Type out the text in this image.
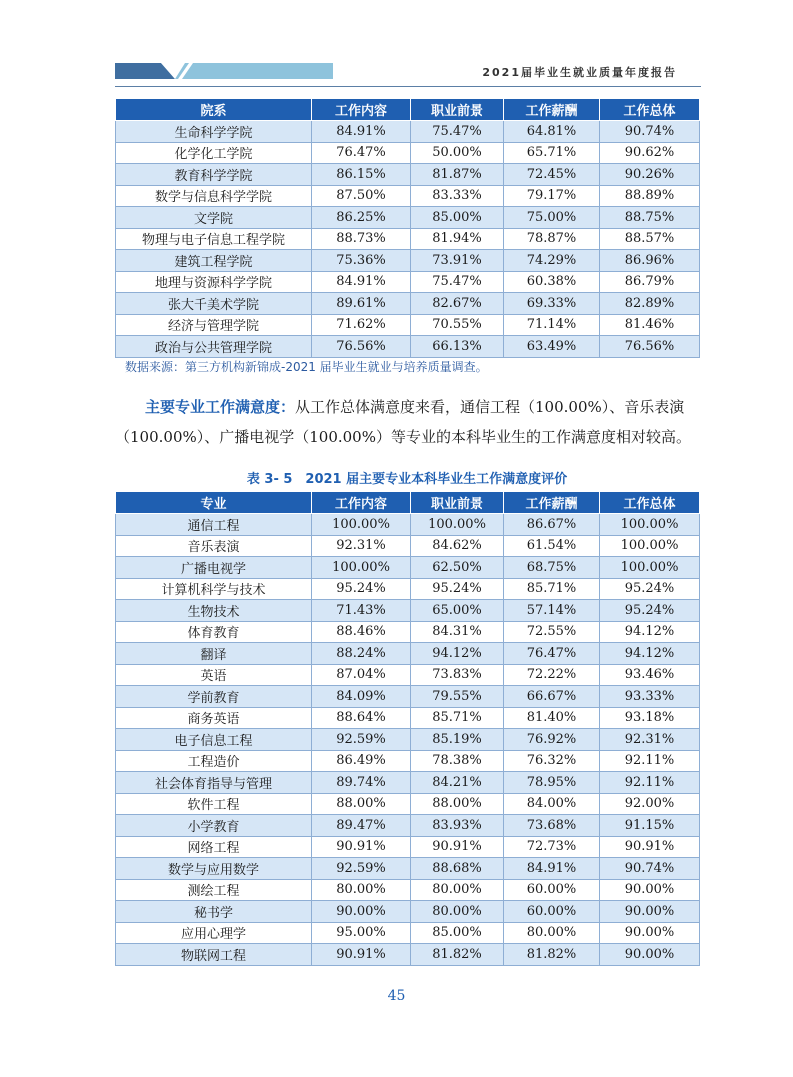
2021届毕业生就业质量年度报告
院系	工作内容	职业前景	工作薪酬	工作总体
生命科学学院	84.91%	75.47%	64.81%	90.74%
化学化工学院	76.47%	50.00%	65.71%	90.62%
教育科学学院	86.15%	81.87%	72.45%	90.26%
数学与信息科学学院	87.50%	83.33%	79.17%	88.89%
文学院	86.25%	85.00%	75.00%	88.75%
物理与电子信息工程学院	88.73%	81.94%	78.87%	88.57%
建筑工程学院	75.36%	73.91%	74.29%	86.96%
地理与资源科学学院	84.91%	75.47%	60.38%	86.79%
张大千美术学院	89.61%	82.67%	69.33%	82.89%
经济与管理学院	71.62%	70.55%	71.14%	81.46%
政治与公共管理学院	76.56%	66.13%	63.49%	76.56%
数据来源：第三方机构新锦成-2021 届毕业生就业与培养质量调查。
主要专业工作满意度：从工作总体满意度来看，通信工程（100.00%）、音乐表演（100.00%）、广播电视学（100.00%）等专业的本科毕业生的工作满意度相对较高。
表 3- 5　2021 届主要专业本科毕业生工作满意度评价
专业	工作内容	职业前景	工作薪酬	工作总体
通信工程	100.00%	100.00%	86.67%	100.00%
音乐表演	92.31%	84.62%	61.54%	100.00%
广播电视学	100.00%	62.50%	68.75%	100.00%
计算机科学与技术	95.24%	95.24%	85.71%	95.24%
生物技术	71.43%	65.00%	57.14%	95.24%
体育教育	88.46%	84.31%	72.55%	94.12%
翻译	88.24%	94.12%	76.47%	94.12%
英语	87.04%	73.83%	72.22%	93.46%
学前教育	84.09%	79.55%	66.67%	93.33%
商务英语	88.64%	85.71%	81.40%	93.18%
电子信息工程	92.59%	85.19%	76.92%	92.31%
工程造价	86.49%	78.38%	76.32%	92.11%
社会体育指导与管理	89.74%	84.21%	78.95%	92.11%
软件工程	88.00%	88.00%	84.00%	92.00%
小学教育	89.47%	83.93%	73.68%	91.15%
网络工程	90.91%	90.91%	72.73%	90.91%
数学与应用数学	92.59%	88.68%	84.91%	90.74%
测绘工程	80.00%	80.00%	60.00%	90.00%
秘书学	90.00%	80.00%	60.00%	90.00%
应用心理学	95.00%	85.00%	80.00%	90.00%
物联网工程	90.91%	81.82%	81.82%	90.00%
45
